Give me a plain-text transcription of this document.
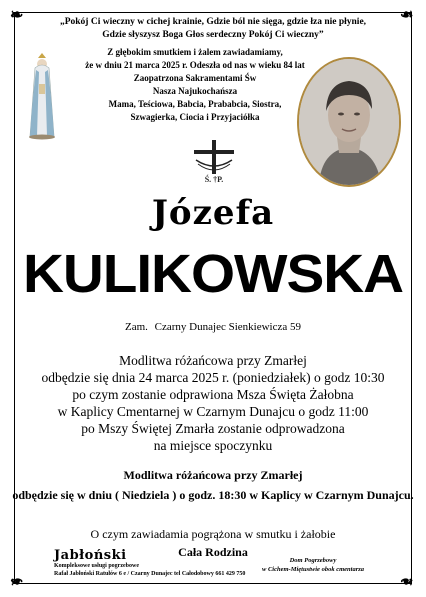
❧	❧
❧	❧
„Pokój Ci wieczny w cichej krainie, Gdzie ból nie sięga, gdzie łza nie płynie,
Gdzie słyszysz Boga Głos serdeczny Pokój Ci wieczny”
Z głębokim smutkiem i żalem zawiadamiamy,
że w dniu 21 marca 2025 r. Odeszła od nas w wieku 84 lat
Zaopatrzona Sakramentami Św
Nasza Najukochańsza
Mama, Teściowa, Babcia, Prababcia, Siostra,
Szwagierka, Ciocia i Przyjaciółka
Ś. †P.
Józefa
KULIKOWSKA
Zam. Czarny Dunajec Sienkiewicza 59
Modlitwa różańcowa przy Zmarłej
odbędzie się dnia 24 marca 2025 r. (poniedziałek) o godz 10:30
po czym zostanie odprawiona Msza Święta Żałobna
w Kaplicy Cmentarnej w Czarnym Dunajcu o godz 11:00
po Mszy Świętej Zmarła zostanie odprowadzona
na miejsce spoczynku
Modlitwa różańcowa przy Zmarłej
odbędzie się w dniu ( Niedziela ) o godz. 18:30 w Kaplicy w Czarnym Dunajcu.
O czym zawiadamia pogrążona w smutku i żałobie
Cała Rodzina
Jabłoński
Kompleksowe usługi pogrzebowe
Rafał Jabłoński Ratułów 6 e / Czarny Dunajec tel Całodobowy 661 429 750
Dom Pogrzebowy
w Cichem-Miętustwie obok cmentarza
